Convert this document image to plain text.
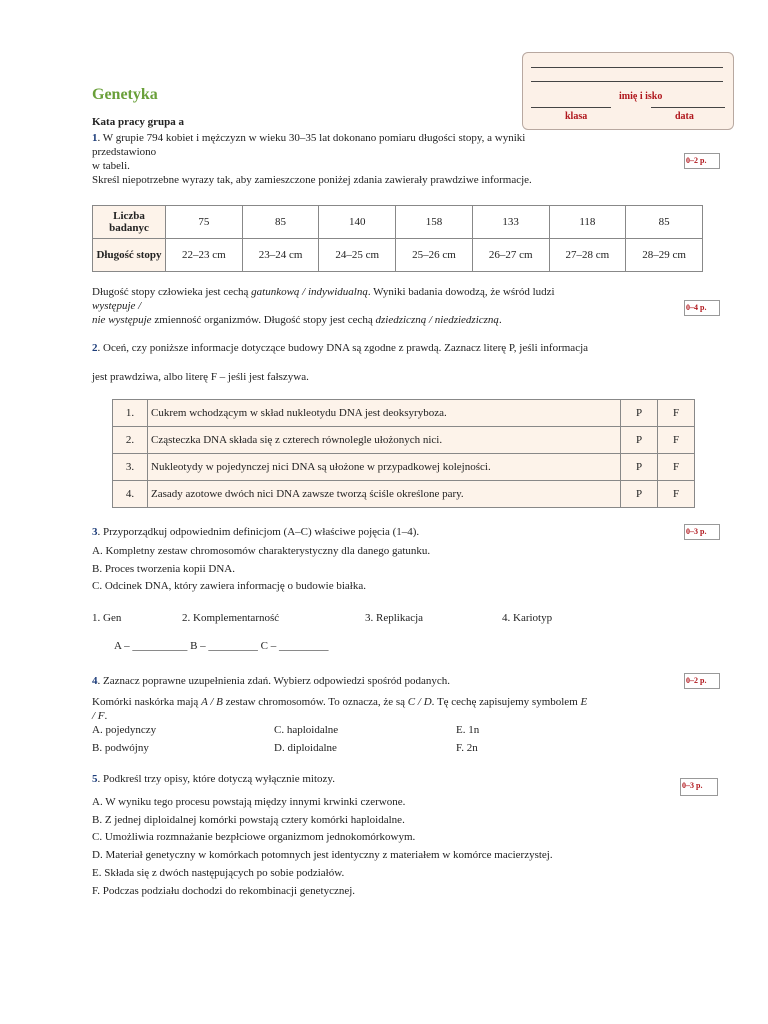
imię i isko
klasa	data
Genetyka
Kata pracy grupa a
1. W grupie 794 kobiet i mężczyzn w wieku 30–35 lat dokonano pomiaru długości stopy, a wyniki
przedstawiono
w tabeli.
Skreśl niepotrzebne wyrazy tak, aby zamieszczone poniżej zdania zawierały prawdziwe informacje.
0–2 p.
Liczba badanyc	75	85	140	158	133	118	85
Długość stopy	22–23 cm	23–24 cm	24–25 cm	25–26 cm	26–27 cm	27–28 cm	28–29 cm
Długość stopy człowieka jest cechą gatunkową / indywidualną. Wyniki badania dowodzą, że wśród ludzi
występuje /
nie występuje zmienność organizmów. Długość stopy jest cechą dziedziczną / niedziedziczną.
0–4 p.
2. Oceń, czy poniższe informacje dotyczące budowy DNA są zgodne z prawdą. Zaznacz literę P, jeśli informacja
jest prawdziwa, albo literę F – jeśli jest fałszywa.
1.	Cukrem wchodzącym w skład nukleotydu DNA jest deoksyryboza.	P	F
2.	Cząsteczka DNA składa się z czterech równolegle ułożonych nici.	P	F
3.	Nukleotydy w pojedynczej nici DNA są ułożone w przypadkowej kolejności.	P	F
4.	Zasady azotowe dwóch nici DNA zawsze tworzą ściśle określone pary.	P	F
3. Przyporządkuj odpowiednim definicjom (A–C) właściwe pojęcia (1–4).	0–3 p.
A. Kompletny zestaw chromosomów charakterystyczny dla danego gatunku.
B. Proces tworzenia kopii DNA.
C. Odcinek DNA, który zawiera informację o budowie białka.
1. Gen	2. Komplementarność	3. Replikacja	4. Kariotyp
A – __________ B – _________ C – _________
4. Zaznacz poprawne uzupełnienia zdań. Wybierz odpowiedzi spośród podanych.	0–2 p.
Komórki naskórka mają A / B zestaw chromosomów. To oznacza, że są C / D. Tę cechę zapisujemy symbolem E
/ F.
A. pojedynczy	C. haploidalne	E. 1n
B. podwójny	D. diploidalne	F. 2n
5. Podkreśl trzy opisy, które dotyczą wyłącznie mitozy.
0–3 p.
A. W wyniku tego procesu powstają między innymi krwinki czerwone.
B. Z jednej diploidalnej komórki powstają cztery komórki haploidalne.
C. Umożliwia rozmnażanie bezpłciowe organizmom jednokomórkowym.
D. Materiał genetyczny w komórkach potomnych jest identyczny z materiałem w komórce macierzystej.
E. Składa się z dwóch następujących po sobie podziałów.
F. Podczas podziału dochodzi do rekombinacji genetycznej.
